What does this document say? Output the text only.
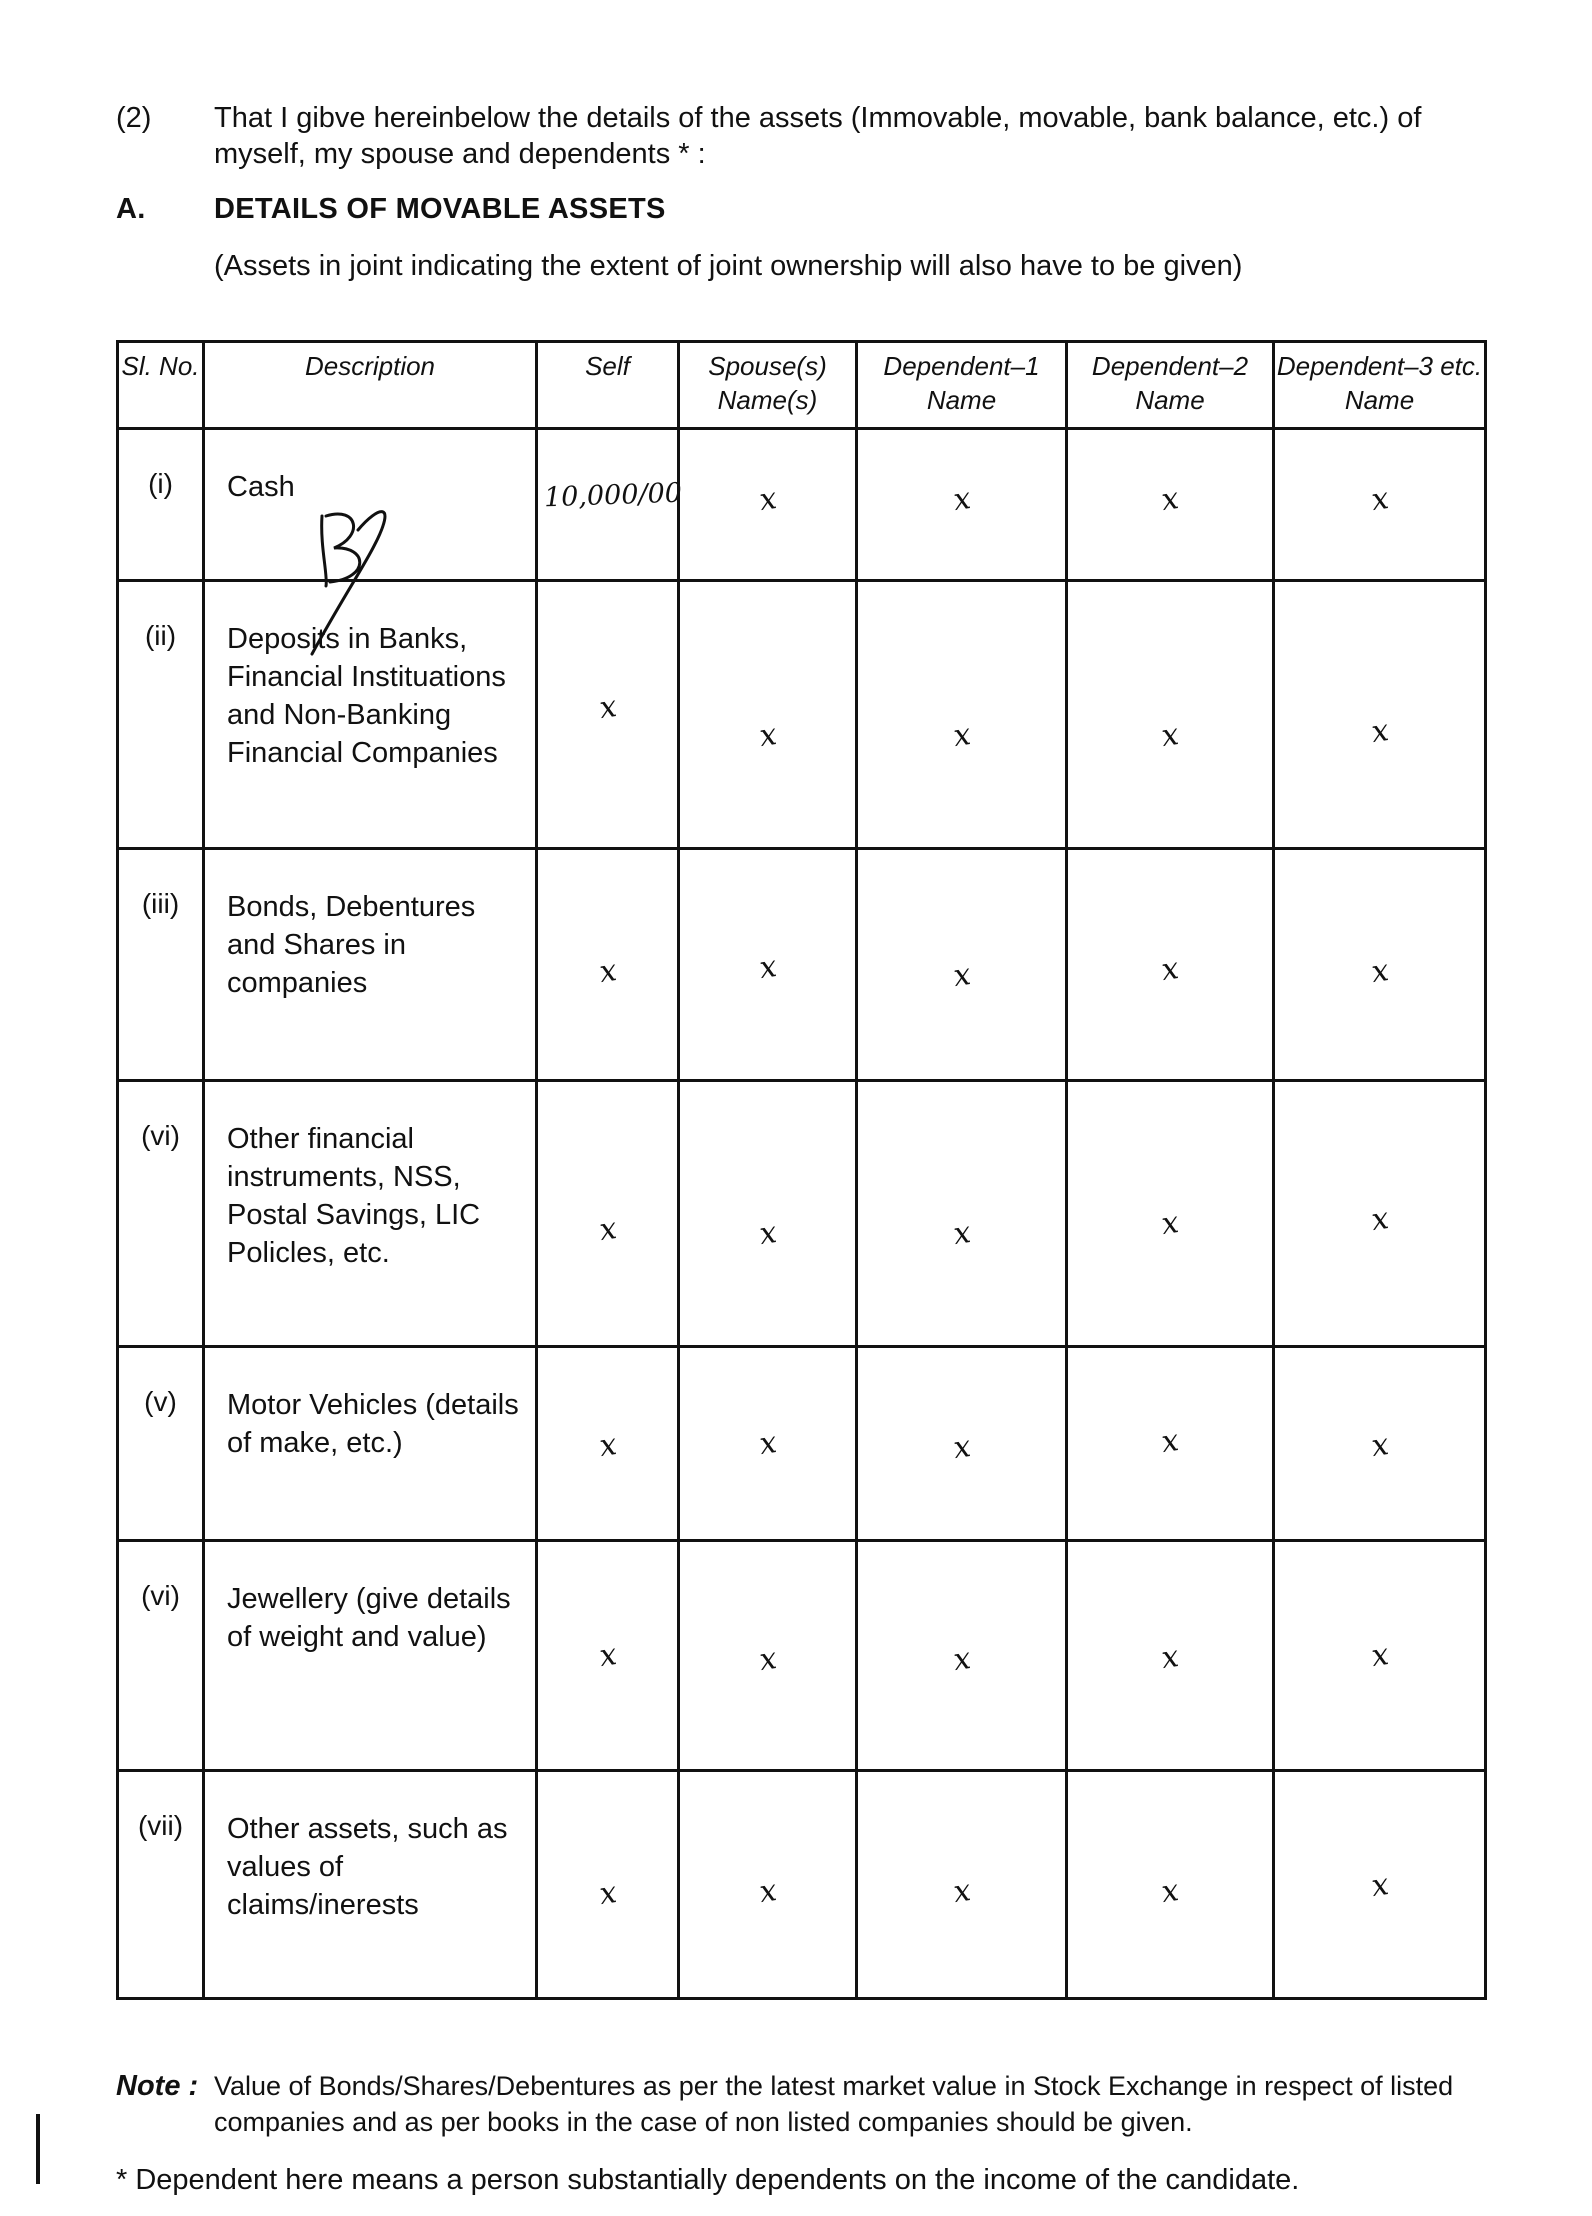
(2) That I gibve hereinbelow the details of the assets (Immovable, movable, bank balance, etc.) of myself, my spouse and dependents * :
A. DETAILS OF MOVABLE ASSETS
(Assets in joint indicating the extent of joint ownership will also have to be given)
Sl. No.	Description	Self	Spouse(s) Name(s)	Dependent–1 Name	Dependent–2 Name	Dependent–3 etc. Name
(i)	Cash	10,000/00	x	x	x	x

(ii)	Deposits in Banks, Financial Instituations and Non-Banking Financial Companies	x	x	x	x	x

(iii)	Bonds, Debentures and Shares in companies	x	x	x	x	x

(vi)	Other financial instruments, NSS, Postal Savings, LIC Policles, etc.	x	x	x	x	x

(v)	Motor Vehicles (details of make, etc.)	x	x	x	x	x

(vi)	Jewellery (give details of weight and value)	x	x	x	x	x

(vii)	Other assets, such as values of claims/inerests	x	x	x	x	x
Note : Value of Bonds/Shares/Debentures as per the latest market value in Stock Exchange in respect of listed companies and as per books in the case of non listed companies should be given.
* Dependent here means a person substantially dependents on the income of the candidate.
